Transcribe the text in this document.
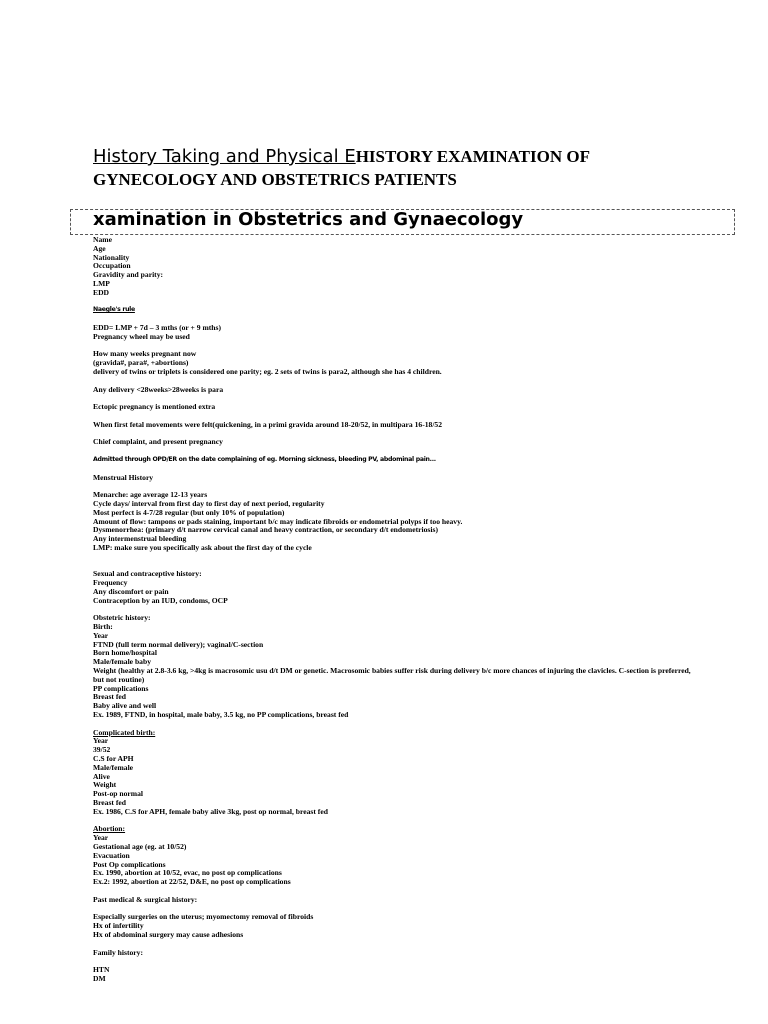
History Taking and Physical EHISTORY EXAMINATION OF
GYNECOLOGY AND OBSTETRICS PATIENTS
xamination in Obstetrics and Gynaecology
Name
Age
Nationality
Occupation
Gravidity and parity:
LMP
EDD
Naegle's rule
EDD= LMP + 7d – 3 mths (or + 9 mths)
Pregnancy wheel may be used
How many weeks pregnant now
(gravida#, para#, +abortions)
delivery of twins or triplets is considered one parity; eg. 2 sets of twins is para2, although she has 4 children.
Any delivery <28weeks>28weeks is para
Ectopic pregnancy is mentioned extra
When first fetal movements were felt(quickening, in a primi gravida around 18-20/52, in multipara 16-18/52
Chief complaint, and present pregnancy
Admitted through OPD/ER on the date complaining of eg. Morning sickness, bleeding PV, abdominal pain...
Menstrual History
Menarche: age average 12-13 years
Cycle days/ interval from first day to first day of next period, regularity
Most perfect is 4-7/28 regular (but only 10% of population)
Amount of flow: tampons or pads staining, important b/c may indicate fibroids or endometrial polyps if too heavy.
Dysmenorrhea: (primary d/t narrow cervical canal and heavy contraction, or secondary d/t endometriosis)
Any intermenstrual bleeding
LMP: make sure you specifically ask about the first day of the cycle
Sexual and contraceptive history:
Frequency
Any discomfort or pain
Contraception by an IUD, condoms, OCP
Obstetric history:
Birth:
Year
FTND (full term normal delivery); vaginal/C-section
Born home/hospital
Male/female baby
Weight (healthy at 2.8-3.6 kg, >4kg is macrosomic usu d/t DM or genetic. Macrosomic babies suffer risk during delivery b/c more chances of injuring the clavicles. C-section is preferred, but not routine)
PP complications
Breast fed
Baby alive and well
Ex. 1989, FTND, in hospital, male baby, 3.5 kg, no PP complications, breast fed
Complicated birth:
Year
39/52
C.S for APH
Male/female
Alive
Weight
Post-op normal
Breast fed
Ex. 1986, C.S for APH, female baby alive 3kg, post op normal, breast fed
Abortion:
Year
Gestational age (eg. at 10/52)
Evacuation
Post Op complications
Ex. 1990, abortion at 10/52, evac, no post op complications
Ex.2: 1992, abortion at 22/52, D&E, no post op complications
Past medical & surgical history:
Especially surgeries on the uterus; myomectomy removal of fibroids
Hx of infertility
Hx of abdominal surgery may cause adhesions
Family history:
HTN
DM
